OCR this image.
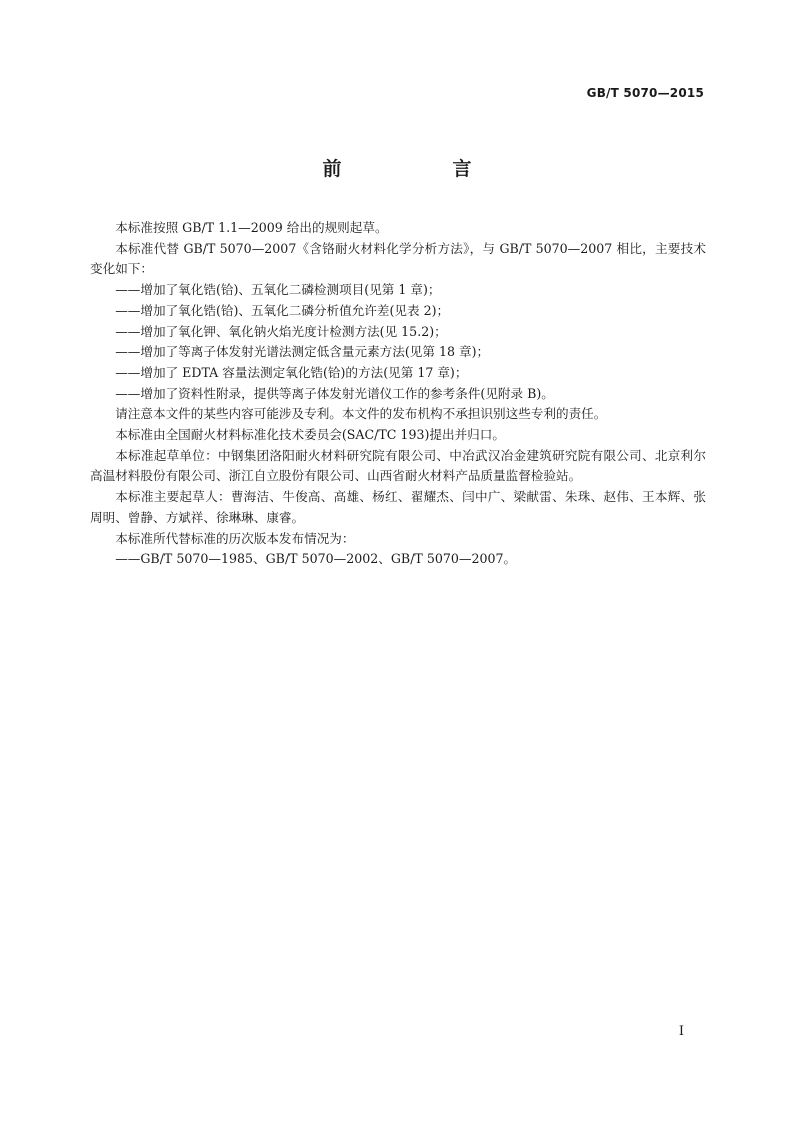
GB/T 5070—2015
前　言

本标准按照 GB/T 1.1—2009 给出的规则起草。

本标准代替 GB/T 5070—2007《含铬耐火材料化学分析方法》，与 GB/T 5070—2007 相比，主要技术变化如下：

——增加了氧化锆(铪)、五氧化二磷检测项目(见第 1 章)；

——增加了氧化锆(铪)、五氧化二磷分析值允许差(见表 2)；

——增加了氧化钾、氧化钠火焰光度计检测方法(见 15.2)；

——增加了等离子体发射光谱法测定低含量元素方法(见第 18 章)；

——增加了 EDTA 容量法测定氧化锆(铪)的方法(见第 17 章)；

——增加了资料性附录，提供等离子体发射光谱仪工作的参考条件(见附录 B)。

请注意本文件的某些内容可能涉及专利。本文件的发布机构不承担识别这些专利的责任。

本标准由全国耐火材料标准化技术委员会(SAC/TC 193)提出并归口。

本标准起草单位：中钢集团洛阳耐火材料研究院有限公司、中冶武汉冶金建筑研究院有限公司、北京利尔高温材料股份有限公司、浙江自立股份有限公司、山西省耐火材料产品质量监督检验站。

本标准主要起草人：曹海洁、牛俊高、高雄、杨红、翟耀杰、闫中广、梁献雷、朱珠、赵伟、王本辉、张周明、曾静、方斌祥、徐琳琳、康睿。

本标准所代替标准的历次版本发布情况为：

——GB/T 5070—1985、GB/T 5070—2002、GB/T 5070—2007。

I
